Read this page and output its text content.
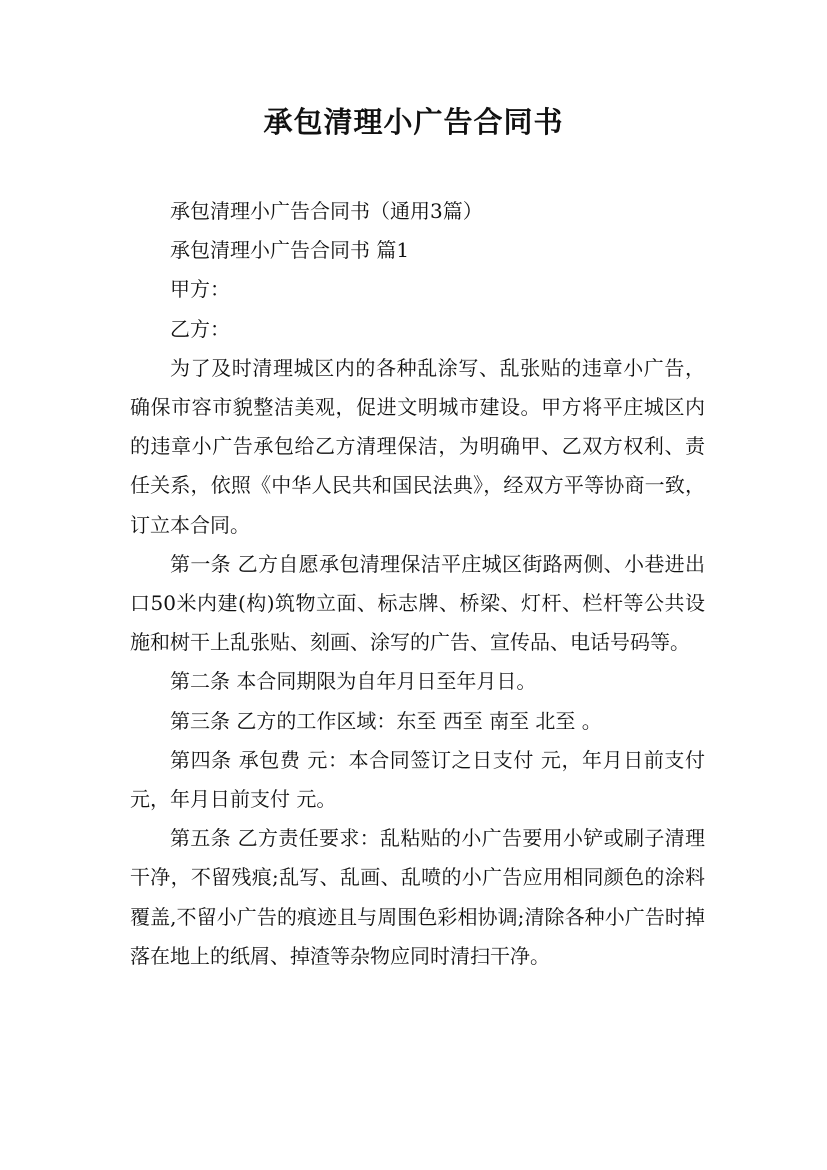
承包清理小广告合同书

承包清理小广告合同书（通用3篇）

承包清理小广告合同书 篇1

甲方：

乙方：

为了及时清理城区内的各种乱涂写、乱张贴的违章小广告，确保市容市貌整洁美观，促进文明城市建设。甲方将平庄城区内的违章小广告承包给乙方清理保洁，为明确甲、乙双方权利、责任关系，依照《中华人民共和国民法典》，经双方平等协商一致，订立本合同。

第一条 乙方自愿承包清理保洁平庄城区街路两侧、小巷进出口50米内建(构)筑物立面、标志牌、桥梁、灯杆、栏杆等公共设施和树干上乱张贴、刻画、涂写的广告、宣传品、电话号码等。

第二条 本合同期限为自年月日至年月日。

第三条 乙方的工作区域：东至 西至 南至 北至 。

第四条 承包费 元：本合同签订之日支付 元，年月日前支付 元，年月日前支付 元。

第五条 乙方责任要求：乱粘贴的小广告要用小铲或刷子清理干净，不留残痕;乱写、乱画、乱喷的小广告应用相同颜色的涂料覆盖,不留小广告的痕迹且与周围色彩相协调;清除各种小广告时掉落在地上的纸屑、掉渣等杂物应同时清扫干净。
